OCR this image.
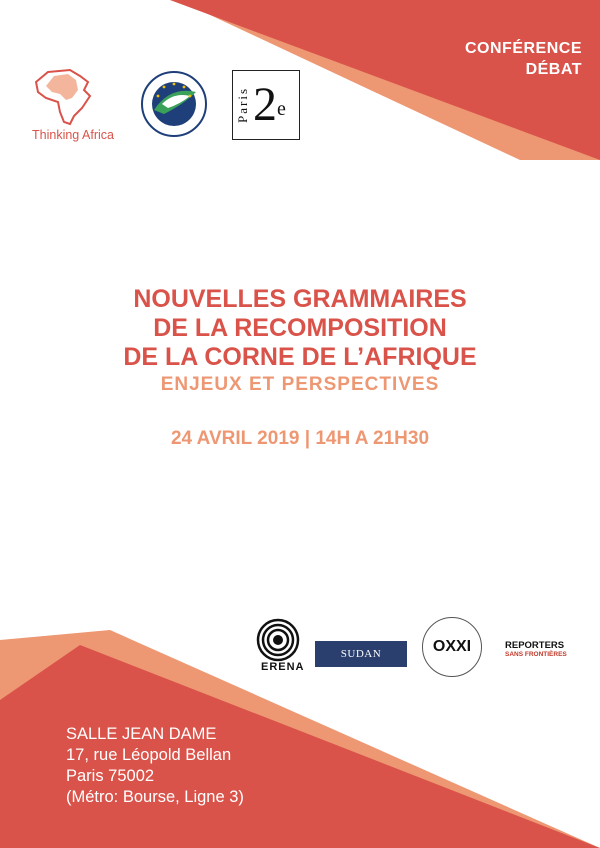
CONFÉRENCE
DÉBAT
Thinking Africa
Paris 2e
NOUVELLES GRAMMAIRES
DE LA RECOMPOSITION
DE LA CORNE DE L’AFRIQUE
ENJEUX ET PERSPECTIVES
24 AVRIL 2019 | 14H A 21H30
ERENA
SUDAN TRIBUNE
OXXI	REPORTERS
SANS FRONTIÈRES
SALLE JEAN DAME
17, rue Léopold Bellan
Paris 75002
(Métro: Bourse, Ligne 3)
